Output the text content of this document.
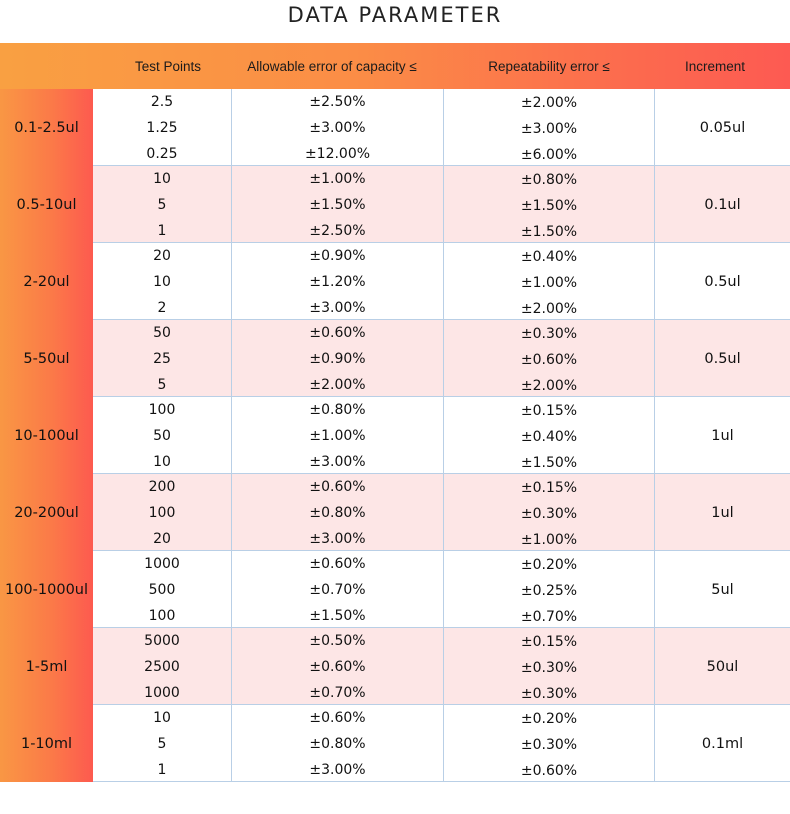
DATA PARAMETER
Test Points	Allowable error of capacity ≤	Repeatability error ≤	Increment
0.1-2.5ul
2.5	±2.50%	±2.00%
1.25	±3.00%	±3.00%
0.25	±12.00%	±6.00%
0.05ul
0.5-10ul
10	±1.00%	±0.80%
5	±1.50%	±1.50%
1	±2.50%	±1.50%
0.1ul
2-20ul
20	±0.90%	±0.40%
10	±1.20%	±1.00%
2	±3.00%	±2.00%
0.5ul
5-50ul
50	±0.60%	±0.30%
25	±0.90%	±0.60%
5	±2.00%	±2.00%
0.5ul
10-100ul
100	±0.80%	±0.15%
50	±1.00%	±0.40%
10	±3.00%	±1.50%
1ul
20-200ul
200	±0.60%	±0.15%
100	±0.80%	±0.30%
20	±3.00%	±1.00%
1ul
100-1000ul
1000	±0.60%	±0.20%
500	±0.70%	±0.25%
100	±1.50%	±0.70%
5ul
1-5ml
5000	±0.50%	±0.15%
2500	±0.60%	±0.30%
1000	±0.70%	±0.30%
50ul
1-10ml
10	±0.60%	±0.20%
5	±0.80%	±0.30%
1	±3.00%	±0.60%
0.1ml
